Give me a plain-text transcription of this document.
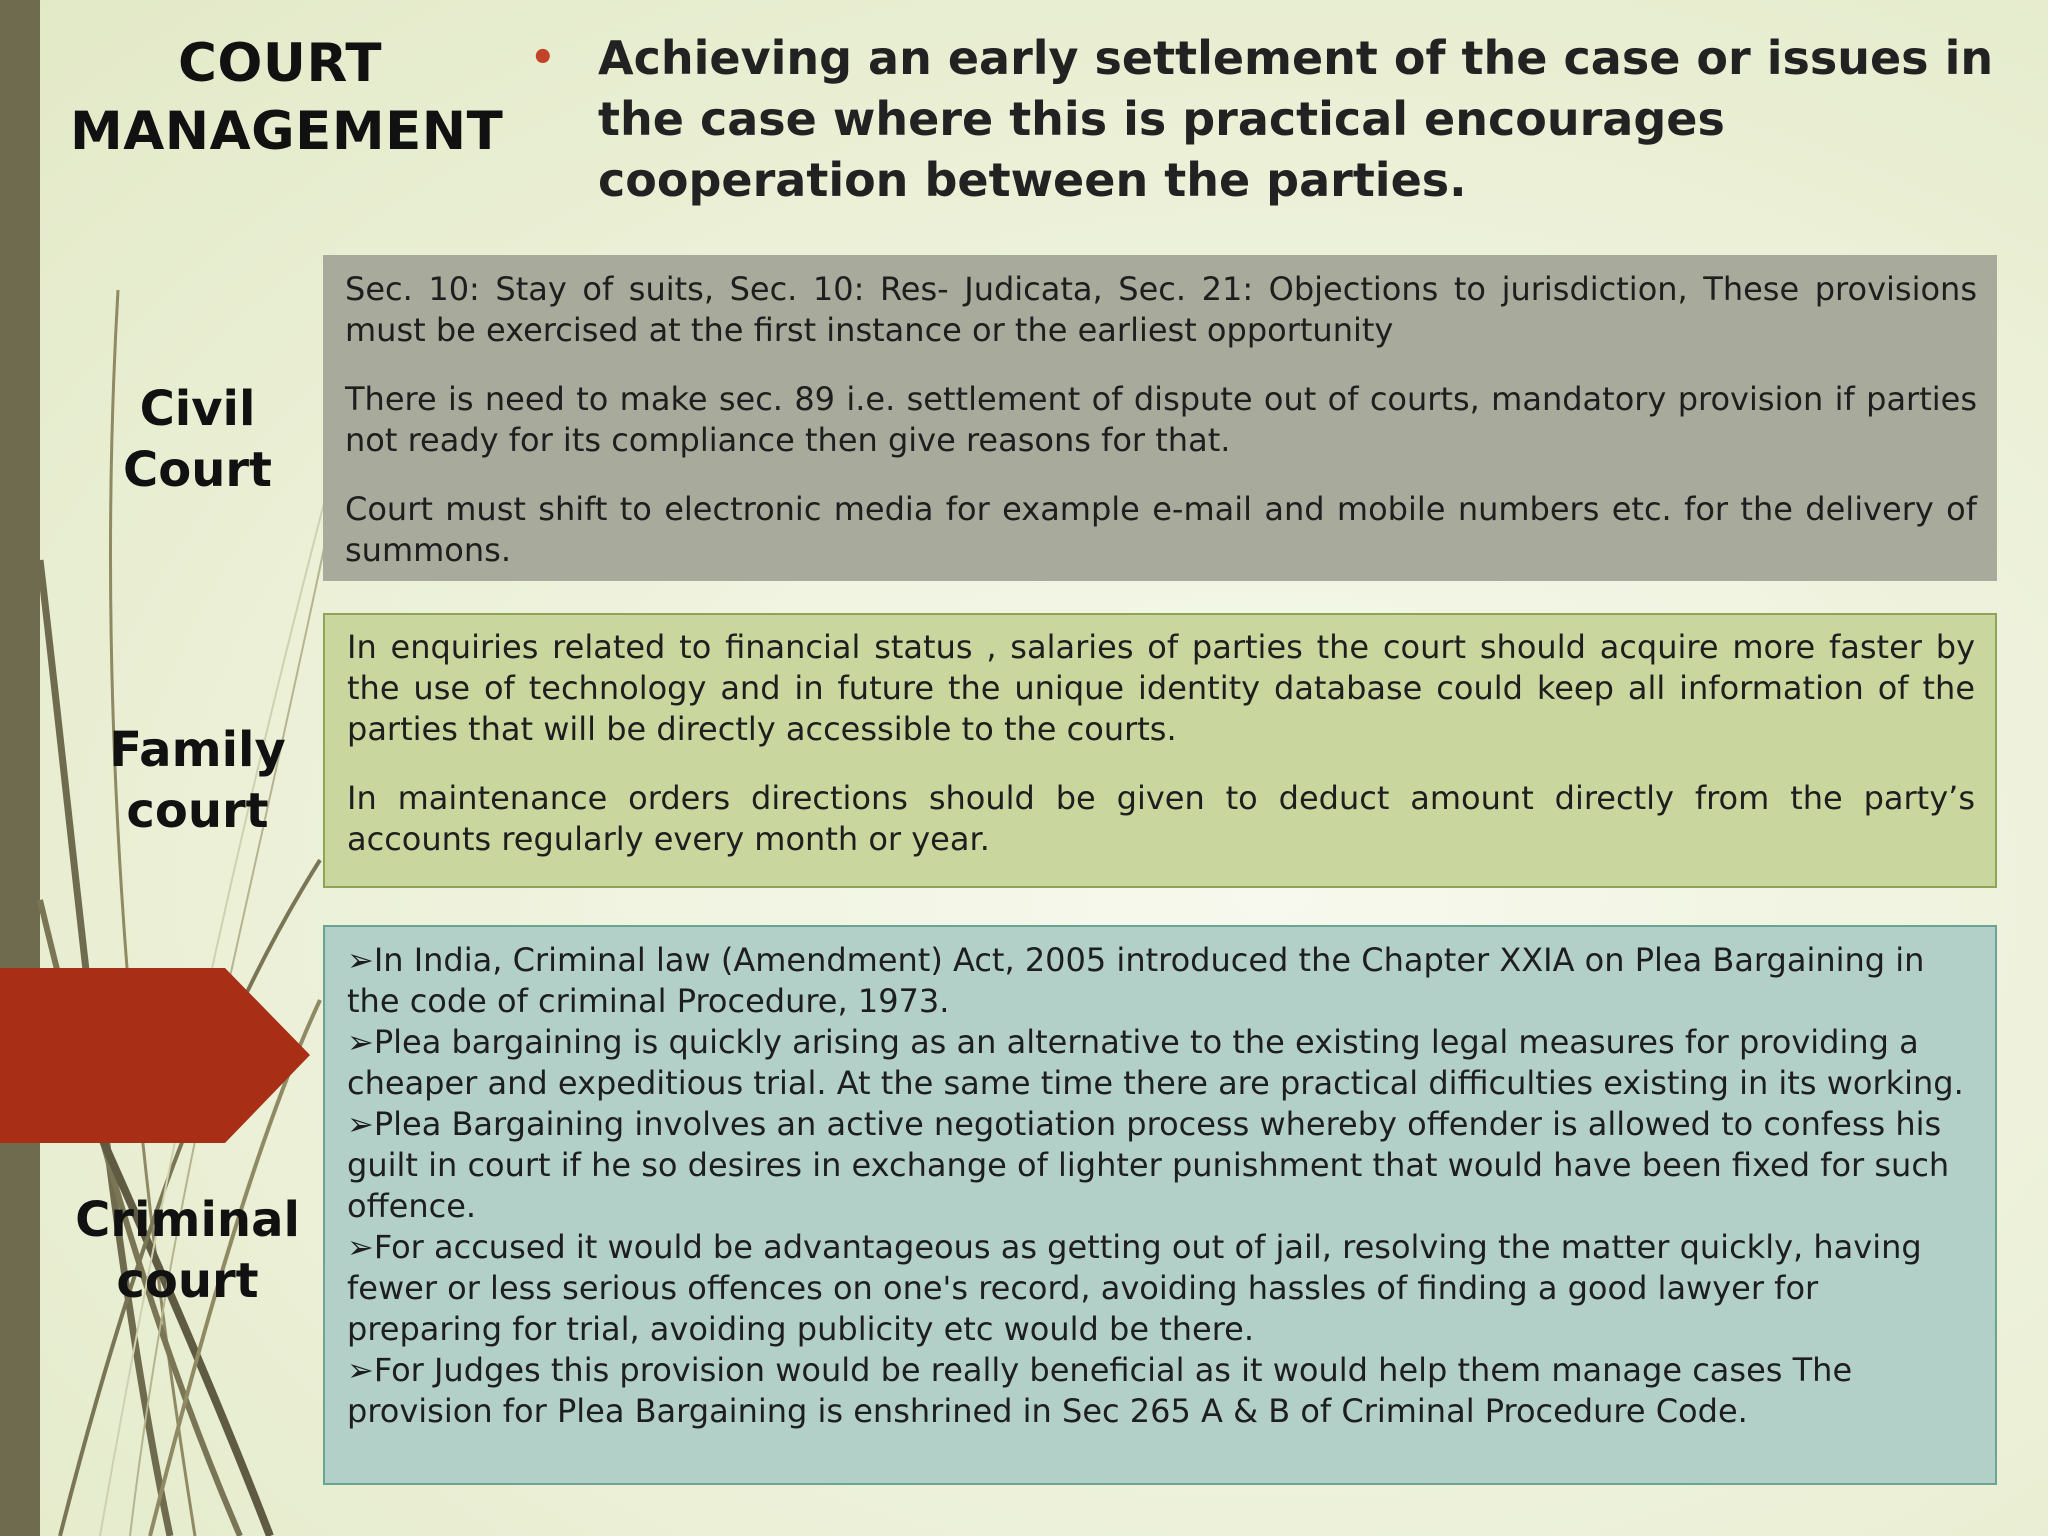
COURT MANAGEMENT
• Achieving an early settlement of the case or issues in the case where this is practical encourages cooperation between the parties.
Civil Court
Family court
Criminal court

Sec. 10: Stay of suits, Sec. 10: Res- Judicata, Sec. 21: Objections to jurisdiction, These provisions must be exercised at the first instance or the earliest opportunity

There is need to make sec. 89 i.e. settlement of dispute out of courts, mandatory provision if parties not ready for its compliance then give reasons for that.

Court must shift to electronic media for example e-mail and mobile numbers etc. for the delivery of summons.

In enquiries related to financial status , salaries of parties the court should acquire more faster by the use of technology and in future the unique identity database could keep all information of the parties that will be directly accessible to the courts.

In maintenance orders directions should be given to deduct amount directly from the party’s accounts regularly every month or year.

➢In India, Criminal law (Amendment) Act, 2005 introduced the Chapter XXIA on Plea Bargaining in the code of criminal Procedure, 1973.

➢Plea bargaining is quickly arising as an alternative to the existing legal measures for providing a cheaper and expeditious trial. At the same time there are practical difficulties existing in its working.

➢Plea Bargaining involves an active negotiation process whereby offender is allowed to confess his guilt in court if he so desires in exchange of lighter punishment that would have been fixed for such offence.

➢For accused it would be advantageous as getting out of jail, resolving the matter quickly, having fewer or less serious offences on one's record, avoiding hassles of finding a good lawyer for preparing for trial, avoiding publicity etc would be there.

➢For Judges this provision would be really beneficial as it would help them manage cases The provision for Plea Bargaining is enshrined in Sec 265 A & B of Criminal Procedure Code.
